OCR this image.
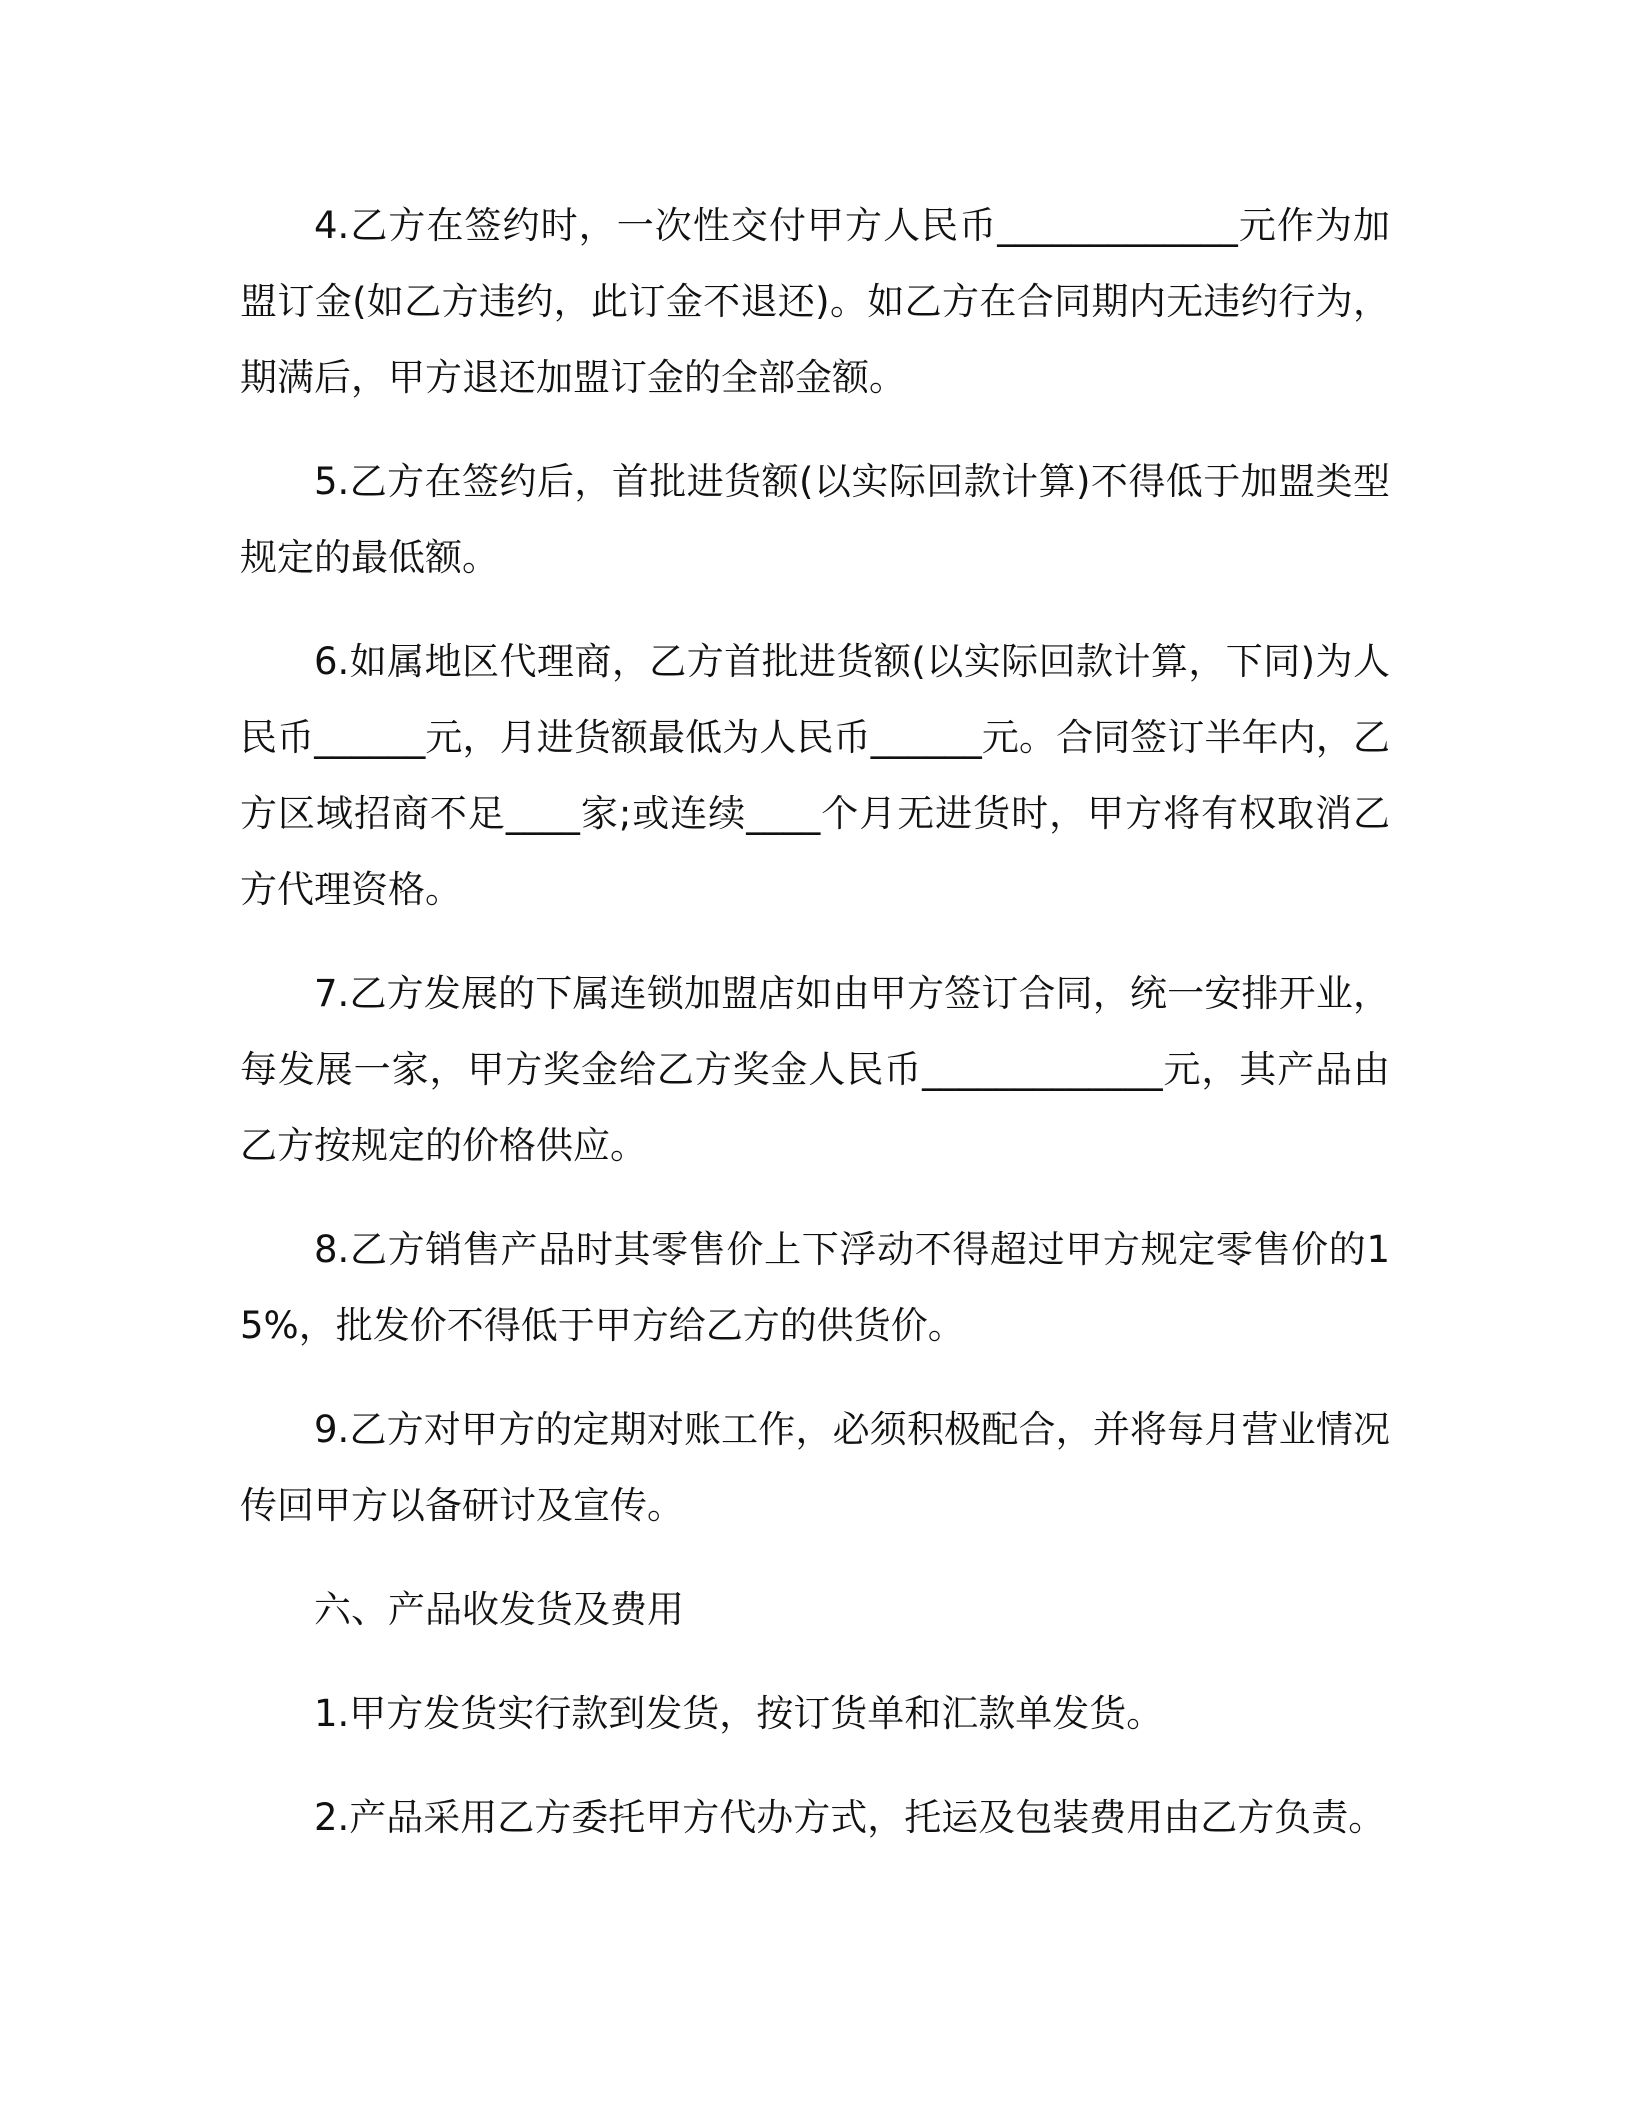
4.乙方在签约时，一次性交付甲方人民币_____________元作为加盟订金(如乙方违约，此订金不退还)。如乙方在合同期内无违约行为，期满后，甲方退还加盟订金的全部金额。

5.乙方在签约后，首批进货额(以实际回款计算)不得低于加盟类型规定的最低额。

6.如属地区代理商，乙方首批进货额(以实际回款计算，下同)为人民币______元，月进货额最低为人民币______元。合同签订半年内，乙方区域招商不足____家;或连续____个月无进货时，甲方将有权取消乙方代理资格。

7.乙方发展的下属连锁加盟店如由甲方签订合同，统一安排开业，每发展一家，甲方奖金给乙方奖金人民币_____________元，其产品由乙方按规定的价格供应。

8.乙方销售产品时其零售价上下浮动不得超过甲方规定零售价的15%，批发价不得低于甲方给乙方的供货价。

9.乙方对甲方的定期对账工作，必须积极配合，并将每月营业情况传回甲方以备研讨及宣传。

六、产品收发货及费用

1.甲方发货实行款到发货，按订货单和汇款单发货。

2.产品采用乙方委托甲方代办方式，托运及包装费用由乙方负责。
